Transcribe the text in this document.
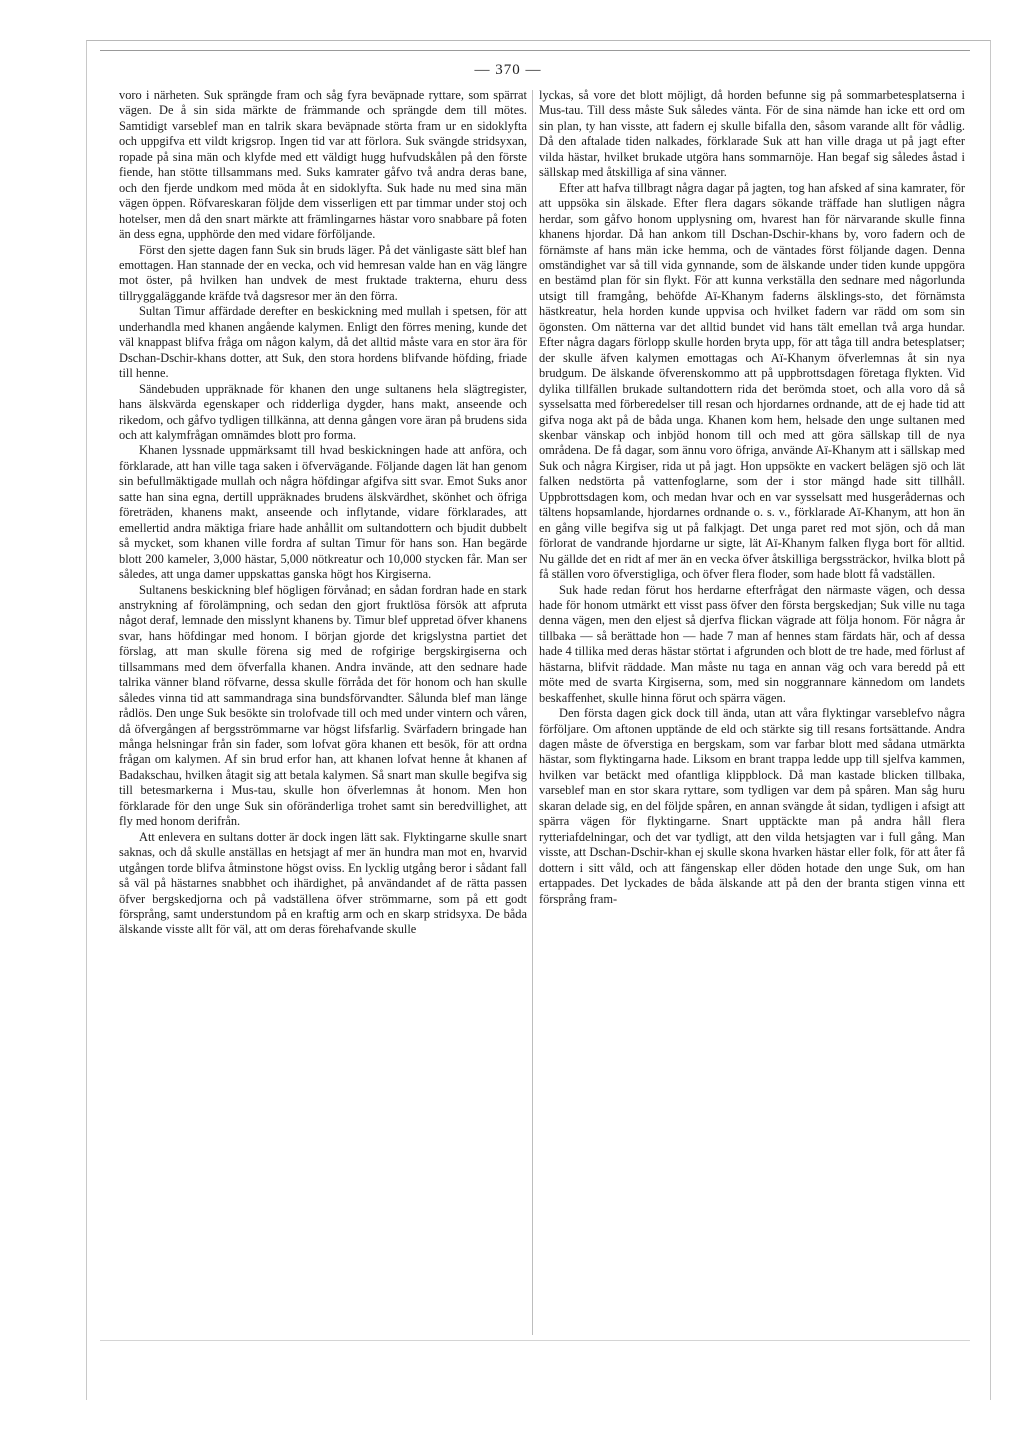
— 370 —

voro i närheten. Suk sprängde fram och såg fyra beväpnade ryttare, som spärrat vägen. De å sin sida märkte de främmande och sprängde dem till mötes. Samtidigt varseblef man en talrik skara beväpnade störta fram ur en sidoklyfta och uppgifva ett vildt krigsrop. Ingen tid var att förlora. Suk svängde stridsyxan, ropade på sina män och klyfde med ett väldigt hugg hufvudskålen på den förste fiende, han stötte tillsammans med. Suks kamrater gåfvo två andra deras bane, och den fjerde undkom med möda åt en sidoklyfta. Suk hade nu med sina män vägen öppen. Röfvareskaran följde dem visserligen ett par timmar under stoj och hotelser, men då den snart märkte att främlingarnes hästar voro snabbare på foten än dess egna, upphörde den med vidare förföljande.

Först den sjette dagen fann Suk sin bruds läger. På det vänligaste sätt blef han emottagen. Han stannade der en vecka, och vid hemresan valde han en väg längre mot öster, på hvilken han undvek de mest fruktade trakterna, ehuru dess tillryggaläggande kräfde två dagsresor mer än den förra.

Sultan Timur affärdade derefter en beskickning med mullah i spetsen, för att underhandla med khanen angående kalymen. Enligt den förres mening, kunde det väl knappast blifva fråga om någon kalym, då det alltid måste vara en stor ära för Dschan-Dschir-khans dotter, att Suk, den stora hordens blifvande höfding, friade till henne.

Sändebuden uppräknade för khanen den unge sultanens hela slägtregister, hans älskvärda egenskaper och ridderliga dygder, hans makt, anseende och rikedom, och gåfvo tydligen tillkänna, att denna gången vore äran på brudens sida och att kalymfrågan omnämdes blott pro forma.

Khanen lyssnade uppmärksamt till hvad beskickningen hade att anföra, och förklarade, att han ville taga saken i öfvervägande. Följande dagen lät han genom sin befullmäktigade mullah och några höfdingar afgifva sitt svar. Emot Suks anor satte han sina egna, dertill uppräknades brudens älskvärdhet, skönhet och öfriga företräden, khanens makt, anseende och inflytande, vidare förklarades, att emellertid andra mäktiga friare hade anhållit om sultandottern och bjudit dubbelt så mycket, som khanen ville fordra af sultan Timur för hans son. Han begärde blott 200 kameler, 3,000 hästar, 5,000 nötkreatur och 10,000 stycken får. Man ser således, att unga damer uppskattas ganska högt hos Kirgiserna.

Sultanens beskickning blef högligen förvånad; en sådan fordran hade en stark anstrykning af förolämpning, och sedan den gjort fruktlösa försök att afpruta något deraf, lemnade den misslynt khanens by. Timur blef uppretad öfver khanens svar, hans höfdingar med honom. I början gjorde det krigslystna partiet det förslag, att man skulle förena sig med de rofgirige bergskirgiserna och tillsammans med dem öfverfalla khanen. Andra invände, att den sednare hade talrika vänner bland röfvarne, dessa skulle förråda det för honom och han skulle således vinna tid att sammandraga sina bundsförvandter. Sålunda blef man länge rådlös. Den unge Suk besökte sin trolofvade till och med under vintern och våren, då öfvergången af bergsströmmarne var högst lifsfarlig. Svärfadern bringade han många helsningar från sin fader, som lofvat göra khanen ett besök, för att ordna frågan om kalymen. Af sin brud erfor han, att khanen lofvat henne åt khanen af Badakschau, hvilken åtagit sig att betala kalymen. Så snart man skulle begifva sig till betesmarkerna i Mus-tau, skulle hon öfverlemnas åt honom. Men hon förklarade för den unge Suk sin oföränderliga trohet samt sin beredvillighet, att fly med honom derifrån.

Att enlevera en sultans dotter är dock ingen lätt sak. Flyktingarne skulle snart saknas, och då skulle anställas en hetsjagt af mer än hundra man mot en, hvarvid utgången torde blifva åtminstone högst oviss. En lycklig utgång beror i sådant fall så väl på hästarnes snabbhet och ihärdighet, på användandet af de rätta passen öfver bergskedjorna och på vadställena öfver strömmarne, som på ett godt försprång, samt understundom på en kraftig arm och en skarp stridsyxa. De båda älskande visste allt för väl, att om deras förehafvande skulle

lyckas, så vore det blott möjligt, då horden befunne sig på sommarbetesplatserna i Mus-tau. Till dess måste Suk således vänta. För de sina nämde han icke ett ord om sin plan, ty han visste, att fadern ej skulle bifalla den, såsom varande allt för vådlig. Då den aftalade tiden nalkades, förklarade Suk att han ville draga ut på jagt efter vilda hästar, hvilket brukade utgöra hans sommarnöje. Han begaf sig således åstad i sällskap med åtskilliga af sina vänner.

Efter att hafva tillbragt några dagar på jagten, tog han afsked af sina kamrater, för att uppsöka sin älskade. Efter flera dagars sökande träffade han slutligen några herdar, som gåfvo honom upplysning om, hvarest han för närvarande skulle finna khanens hjordar. Då han ankom till Dschan-Dschir-khans by, voro fadern och de förnämste af hans män icke hemma, och de väntades först följande dagen. Denna omständighet var så till vida gynnande, som de älskande under tiden kunde uppgöra en bestämd plan för sin flykt. För att kunna verkställa den sednare med någorlunda utsigt till framgång, behöfde Aï-Khanym faderns älsklings-sto, det förnämsta hästkreatur, hela horden kunde uppvisa och hvilket fadern var rädd om som sin ögonsten. Om nätterna var det alltid bundet vid hans tält emellan två arga hundar. Efter några dagars förlopp skulle horden bryta upp, för att tåga till andra betesplatser; der skulle äfven kalymen emottagas och Aï-Khanym öfverlemnas åt sin nya brudgum. De älskande öfverenskommo att på uppbrottsdagen företaga flykten. Vid dylika tillfällen brukade sultandottern rida det berömda stoet, och alla voro då så sysselsatta med förberedelser till resan och hjordarnes ordnande, att de ej hade tid att gifva noga akt på de båda unga. Khanen kom hem, helsade den unge sultanen med skenbar vänskap och inbjöd honom till och med att göra sällskap till de nya områdena. De få dagar, som ännu voro öfriga, använde Aï-Khanym att i sällskap med Suk och några Kirgiser, rida ut på jagt. Hon uppsökte en vackert belägen sjö och lät falken nedstörta på vattenfoglarne, som der i stor mängd hade sitt tillhåll. Uppbrottsdagen kom, och medan hvar och en var sysselsatt med husgerådernas och tältens hopsamlande, hjordarnes ordnande o. s. v., förklarade Aï-Khanym, att hon än en gång ville begifva sig ut på falkjagt. Det unga paret red mot sjön, och då man förlorat de vandrande hjordarne ur sigte, lät Aï-Khanym falken flyga bort för alltid. Nu gällde det en ridt af mer än en vecka öfver åtskilliga bergssträckor, hvilka blott på få ställen voro öfverstigliga, och öfver flera floder, som hade blott få vadställen.

Suk hade redan förut hos herdarne efterfrågat den närmaste vägen, och dessa hade för honom utmärkt ett visst pass öfver den första bergskedjan; Suk ville nu taga denna vägen, men den eljest så djerfva flickan vägrade att följa honom. För några år tillbaka — så berättade hon — hade 7 man af hennes stam färdats här, och af dessa hade 4 tillika med deras hästar störtat i afgrunden och blott de tre hade, med förlust af hästarna, blifvit räddade. Man måste nu taga en annan väg och vara beredd på ett möte med de svarta Kirgiserna, som, med sin noggrannare kännedom om landets beskaffenhet, skulle hinna förut och spärra vägen.

Den första dagen gick dock till ända, utan att våra flyktingar varseblefvo några förföljare. Om aftonen upptände de eld och stärkte sig till resans fortsättande. Andra dagen måste de öfverstiga en bergskam, som var farbar blott med sådana utmärkta hästar, som flyktingarna hade. Liksom en brant trappa ledde upp till sjelfva kammen, hvilken var betäckt med ofantliga klippblock. Då man kastade blicken tillbaka, varseblef man en stor skara ryttare, som tydligen var dem på spåren. Man såg huru skaran delade sig, en del följde spåren, en annan svängde åt sidan, tydligen i afsigt att spärra vägen för flyktingarne. Snart upptäckte man på andra håll flera rytteriafdelningar, och det var tydligt, att den vilda hetsjagten var i full gång. Man visste, att Dschan-Dschir-khan ej skulle skona hvarken hästar eller folk, för att åter få dottern i sitt våld, och att fängenskap eller döden hotade den unge Suk, om han ertappades. Det lyckades de båda älskande att på den der branta stigen vinna ett försprång fram-
